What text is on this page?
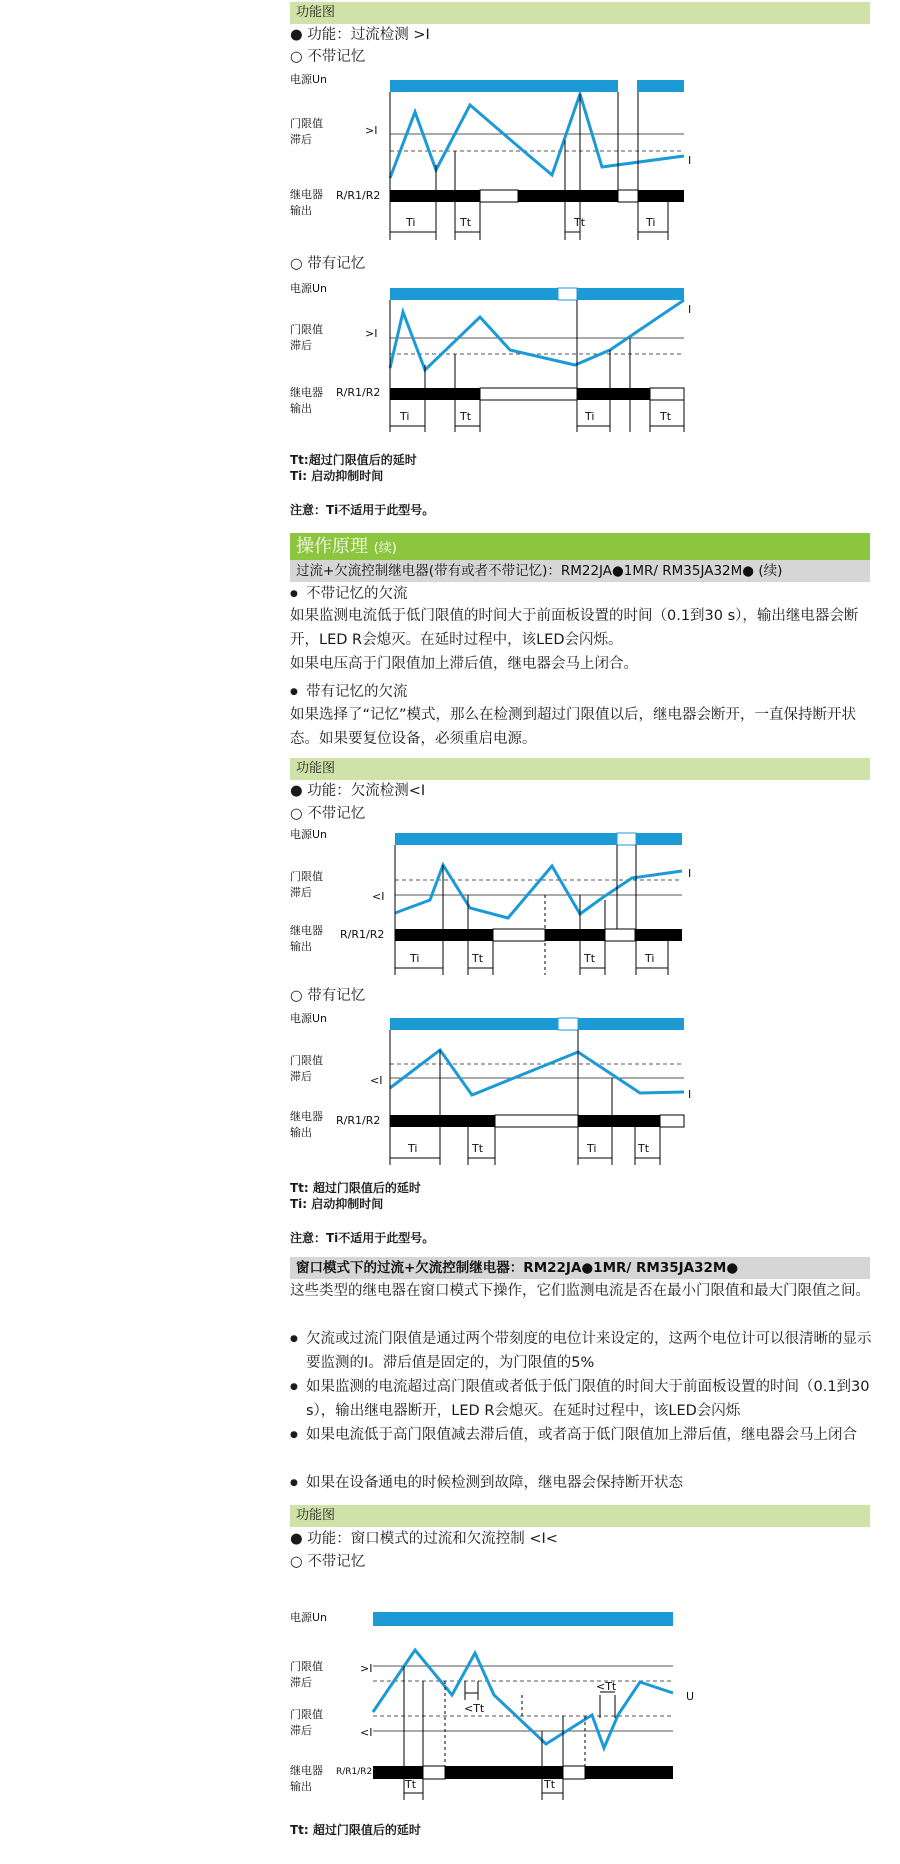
功能图
● 功能：过流检测 >I
○ 不带记忆
电源Un
门限值
滞后
>I
I
继电器
输出
R/R1/R2
Ti	Tt	Tt	Ti
○ 带有记忆
电源Un
门限值
滞后
>I
I
继电器
输出
R/R1/R2
Ti	Tt	Ti	Tt
Tt:超过门限值后的延时
Ti: 启动抑制时间
注意：Ti不适用于此型号。
操作原理 (续)
过流+欠流控制继电器(带有或者不带记忆)：RM22JA●1MR/ RM35JA32M● (续)
● 不带记忆的欠流
如果监测电流低于低门限值的时间大于前面板设置的时间（0.1到30 s），输出继电器会断开，LED R会熄灭。在延时过程中，该LED会闪烁。
如果电压高于门限值加上滞后值，继电器会马上闭合。
● 带有记忆的欠流
如果选择了“记忆”模式，那么在检测到超过门限值以后，继电器会断开，一直保持断开状态。如果要复位设备，必须重启电源。
功能图
● 功能：欠流检测<I
○ 不带记忆
电源Un
门限值
滞后	<I
I
继电器
输出
R/R1/R2
Ti	Tt	Tt	Ti
○ 带有记忆
电源Un
门限值
滞后	<I
I
继电器
输出
R/R1/R2
Ti	Tt	Ti	Tt
Tt: 超过门限值后的延时
Ti: 启动抑制时间
注意：Ti不适用于此型号。
窗口模式下的过流+欠流控制继电器：RM22JA●1MR/ RM35JA32M●
这些类型的继电器在窗口模式下操作，它们监测电流是否在最小门限值和最大门限值之间。
● 欠流或过流门限值是通过两个带刻度的电位计来设定的，这两个电位计可以很清晰的显示要监测的I。滞后值是固定的，为门限值的5%
● 如果监测的电流超过高门限值或者低于低门限值的时间大于前面板设置的时间（0.1到30 s），输出继电器断开，LED R会熄灭。在延时过程中，该LED会闪烁
● 如果电流低于高门限值减去滞后值，或者高于低门限值加上滞后值，继电器会马上闭合
● 如果在设备通电的时候检测到故障，继电器会保持断开状态
功能图
● 功能：窗口模式的过流和欠流控制 <I<
○ 不带记忆
电源Un
门限值
滞后
>I
门限值
滞后	<I
U
继电器
输出
R/R1/R2
Tt	Tt
<Tt
<Tt
Tt: 超过门限值后的延时
